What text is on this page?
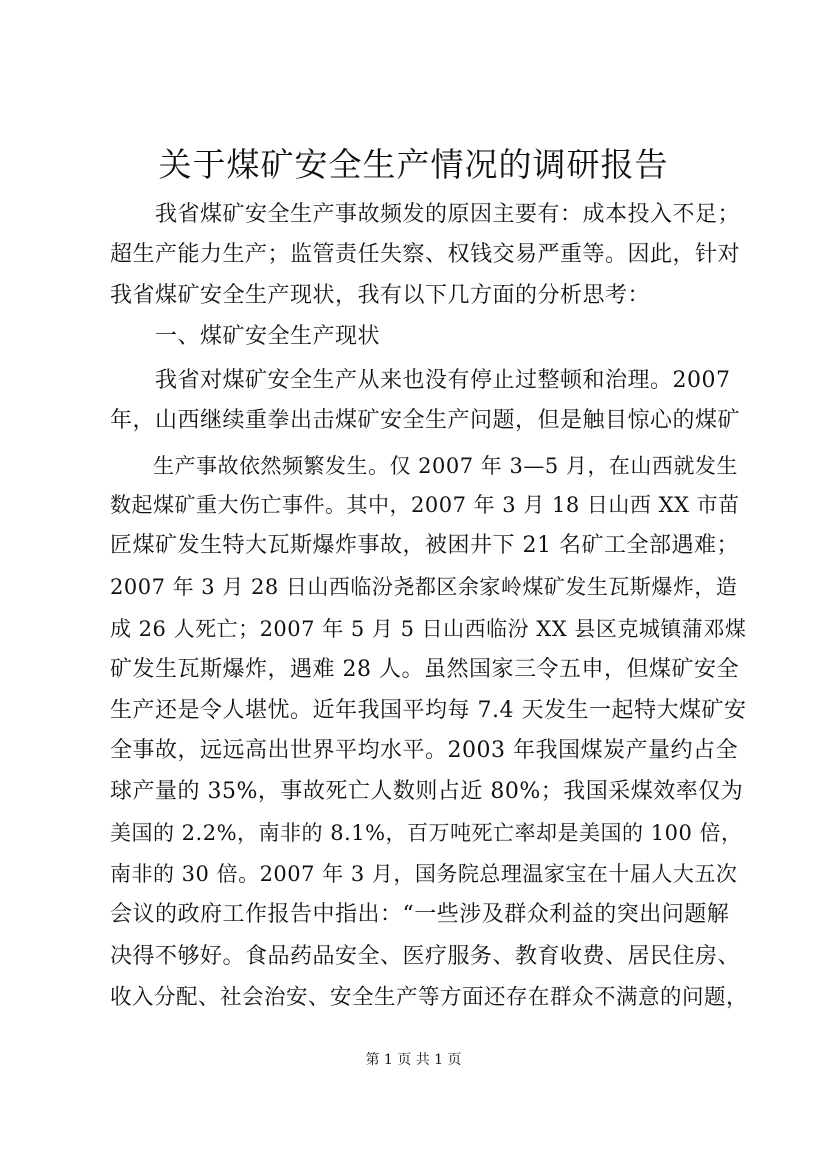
关于煤矿安全生产情况的调研报告
　　我省煤矿安全生产事故频发的原因主要有：成本投入不足；
超生产能力生产；监管责任失察、权钱交易严重等。因此，针对
我省煤矿安全生产现状，我有以下几方面的分析思考：
　　一、煤矿安全生产现状
　　我省对煤矿安全生产从来也没有停止过整顿和治理。2007
年，山西继续重拳出击煤矿安全生产问题，但是触目惊心的煤矿
　　生产事故依然频繁发生。仅 2007 年 3—5 月，在山西就发生
数起煤矿重大伤亡事件。其中，2007 年 3 月 18 日山西 XX 市苗
匠煤矿发生特大瓦斯爆炸事故，被困井下 21 名矿工全部遇难；
2007 年 3 月 28 日山西临汾尧都区余家岭煤矿发生瓦斯爆炸，造
成 26 人死亡；2007 年 5 月 5 日山西临汾 XX 县区克城镇蒲邓煤
矿发生瓦斯爆炸，遇难 28 人。虽然国家三令五申，但煤矿安全
生产还是令人堪忧。近年我国平均每 7.4 天发生一起特大煤矿安
全事故，远远高出世界平均水平。2003 年我国煤炭产量约占全
球产量的 35%，事故死亡人数则占近 80%；我国采煤效率仅为
美国的 2.2%，南非的 8.1%，百万吨死亡率却是美国的 100 倍，
南非的 30 倍。2007 年 3 月，国务院总理温家宝在十届人大五次
会议的政府工作报告中指出：“一些涉及群众利益的突出问题解
决得不够好。食品药品安全、医疗服务、教育收费、居民住房、
收入分配、社会治安、安全生产等方面还存在群众不满意的问题，
第 1 页 共 1 页
